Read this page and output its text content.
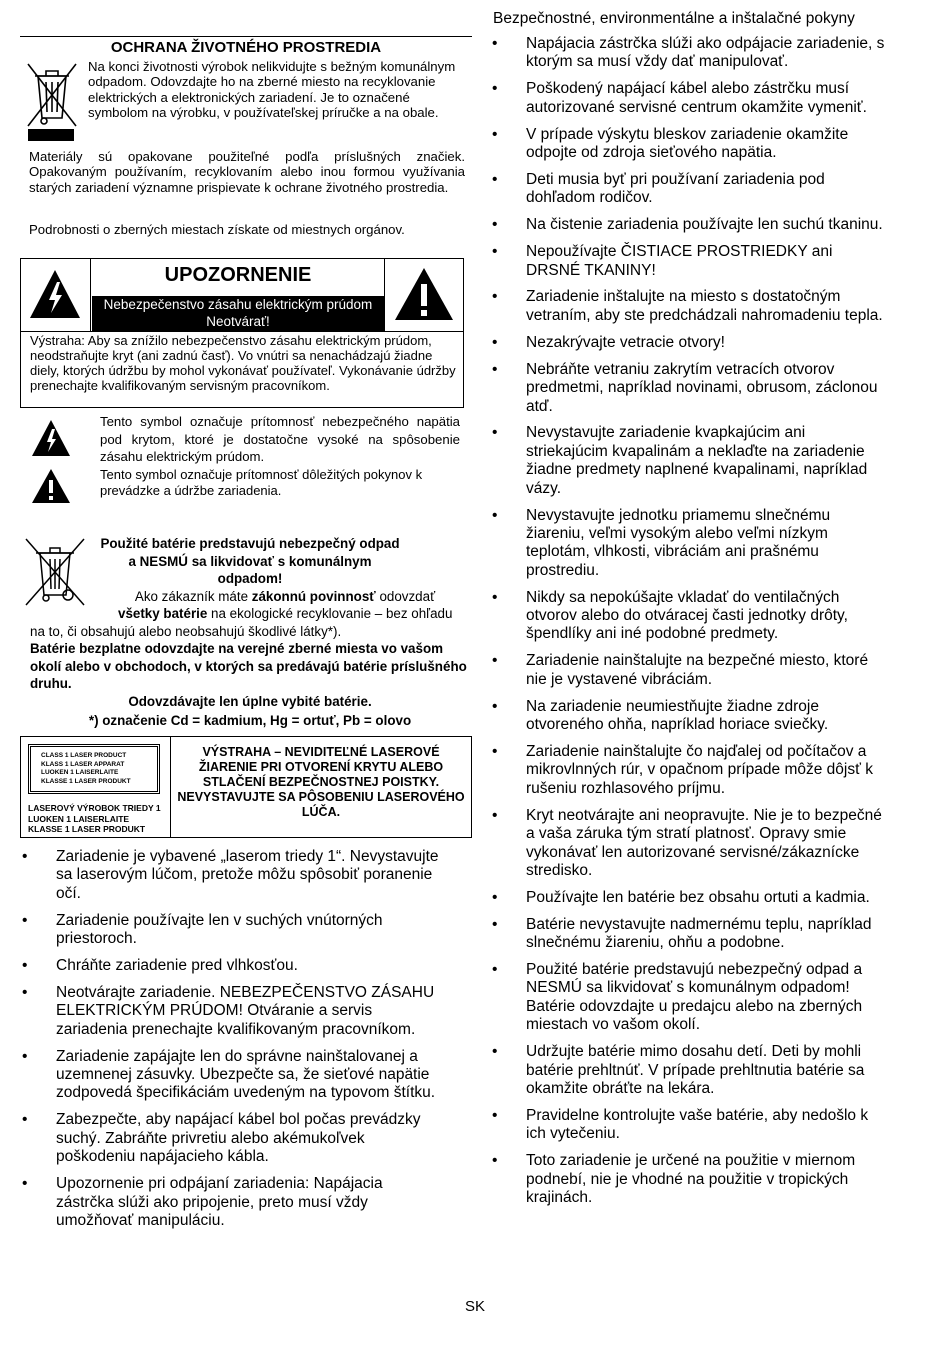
OCHRANA ŽIVOTNÉHO PROSTREDIA
Na konci životnosti výrobok nelikvidujte s bežným komunálnym odpadom. Odovzdajte ho na zberné miesto na recyklovanie elektrických a elektronických zariadení. Je to označené symbolom na výrobku, v používateľskej príručke a na obale.
Materiály sú opakovane použiteľné podľa príslušných značiek. Opakovaným používaním, recyklovaním alebo inou formou využívania starých zariadení významne prispievate k ochrane životného prostredia.
Podrobnosti o zberných miestach získate od miestnych orgánov.
UPOZORNENIE
Nebezpečenstvo zásahu elektrickým prúdom Neotvárať!
Výstraha: Aby sa znížilo nebezpečenstvo zásahu elektrickým prúdom, neodstraňujte kryt (ani zadnú časť). Vo vnútri sa nenachádzajú žiadne diely, ktorých údržbu by mohol vykonávať používateľ. Vykonávanie údržby prenechajte kvalifikovaným servisným pracovníkom.
Tento symbol označuje prítomnosť nebezpečného napätia pod krytom, ktoré je dostatočne vysoké na spôsobenie zásahu elektrickým prúdom.
Tento symbol označuje prítomnosť dôležitých pokynov k prevádzke a údržbe zariadenia.
Použité batérie predstavujú nebezpečný odpad a NESMÚ sa likvidovať s komunálnym odpadom!
Ako zákazník máte zákonnú povinnosť odovzdať
všetky batérie na ekologické recyklovanie – bez ohľadu na to, či obsahujú alebo neobsahujú škodlivé látky*).
Batérie bezplatne odovzdajte na verejné zberné miesta vo vašom okolí alebo v obchodoch, v ktorých sa predávajú batérie príslušného druhu.
Odovzdávajte len úplne vybité batérie.
*) označenie Cd = kadmium, Hg = ortuť, Pb = olovo
CLASS 1 LASER PRODUCT
KLASS 1 LASER APPARAT
LUOKEN 1 LAISERLAITE
KLASSE 1 LASER PRODUKT
LASEROVÝ VÝROBOK TRIEDY 1
LUOKEN 1 LAISERLAITE
KLASSE 1 LASER PRODUKT
VÝSTRAHA – NEVIDITEĽNÉ LASEROVÉ ŽIARENIE PRI OTVORENÍ KRYTU ALEBO STLAČENÍ BEZPEČNOSTNEJ POISTKY. NEVYSTAVUJTE SA PÔSOBENIU LASEROVÉHO LÚČA.
• Zariadenie je vybavené „laserom triedy 1“. Nevystavujte sa laserovým lúčom, pretože môžu spôsobiť poranenie očí.
• Zariadenie používajte len v suchých vnútorných priestoroch.
• Chráňte zariadenie pred vlhkosťou.
• Neotvárajte zariadenie. NEBEZPEČENSTVO ZÁSAHU ELEKTRICKÝM PRÚDOM! Otváranie a servis zariadenia prenechajte kvalifikovaným pracovníkom.
• Zariadenie zapájajte len do správne nainštalovanej a uzemnenej zásuvky. Ubezpečte sa, že sieťové napätie zodpovedá špecifikáciám uvedeným na typovom štítku.
• Zabezpečte, aby napájací kábel bol počas prevádzky suchý. Zabráňte privretiu alebo akémukoľvek poškodeniu napájacieho kábla.
• Upozornenie pri odpájaní zariadenia: Napájacia zástrčka slúži ako pripojenie, preto musí vždy umožňovať manipuláciu.
Bezpečnostné, environmentálne a inštalačné pokyny
• Napájacia zástrčka slúži ako odpájacie zariadenie, s ktorým sa musí vždy dať manipulovať.
• Poškodený napájací kábel alebo zástrčku musí autorizované servisné centrum okamžite vymeniť.
• V prípade výskytu bleskov zariadenie okamžite odpojte od zdroja sieťového napätia.
• Deti musia byť pri používaní zariadenia pod dohľadom rodičov.
• Na čistenie zariadenia používajte len suchú tkaninu.
• Nepoužívajte ČISTIACE PROSTRIEDKY ani DRSNÉ TKANINY!
• Zariadenie inštalujte na miesto s dostatočným vetraním, aby ste predchádzali nahromadeniu tepla.
• Nezakrývajte vetracie otvory!
• Nebráňte vetraniu zakrytím vetracích otvorov predmetmi, napríklad novinami, obrusom, záclonou atď.
• Nevystavujte zariadenie kvapkajúcim ani striekajúcim kvapalinám a neklaďte na zariadenie žiadne predmety naplnené kvapalinami, napríklad vázy.
• Nevystavujte jednotku priamemu slnečnému žiareniu, veľmi vysokým alebo veľmi nízkym teplotám, vlhkosti, vibráciám ani prašnému prostrediu.
• Nikdy sa nepokúšajte vkladať do ventilačných otvorov alebo do otváracej časti jednotky drôty, špendlíky ani iné podobné predmety.
• Zariadenie nainštalujte na bezpečné miesto, ktoré nie je vystavené vibráciám.
• Na zariadenie neumiestňujte žiadne zdroje otvoreného ohňa, napríklad horiace sviečky.
• Zariadenie nainštalujte čo najďalej od počítačov a mikrovlnných rúr, v opačnom prípade môže dôjsť k rušeniu rozhlasového príjmu.
• Kryt neotvárajte ani neopravujte. Nie je to bezpečné a vaša záruka tým stratí platnosť. Opravy smie vykonávať len autorizované servisné/zákaznícke stredisko.
• Používajte len batérie bez obsahu ortuti a kadmia.
• Batérie nevystavujte nadmernému teplu, napríklad slnečnému žiareniu, ohňu a podobne.
• Použité batérie predstavujú nebezpečný odpad a NESMÚ sa likvidovať s komunálnym odpadom! Batérie odovzdajte u predajcu alebo na zberných miestach vo vašom okolí.
• Udržujte batérie mimo dosahu detí. Deti by mohli batérie prehltnúť. V prípade prehltnutia batérie sa okamžite obráťte na lekára.
• Pravidelne kontrolujte vaše batérie, aby nedošlo k ich vytečeniu.
• Toto zariadenie je určené na použitie v miernom podnebí, nie je vhodné na použitie v tropických krajinách.
SK
